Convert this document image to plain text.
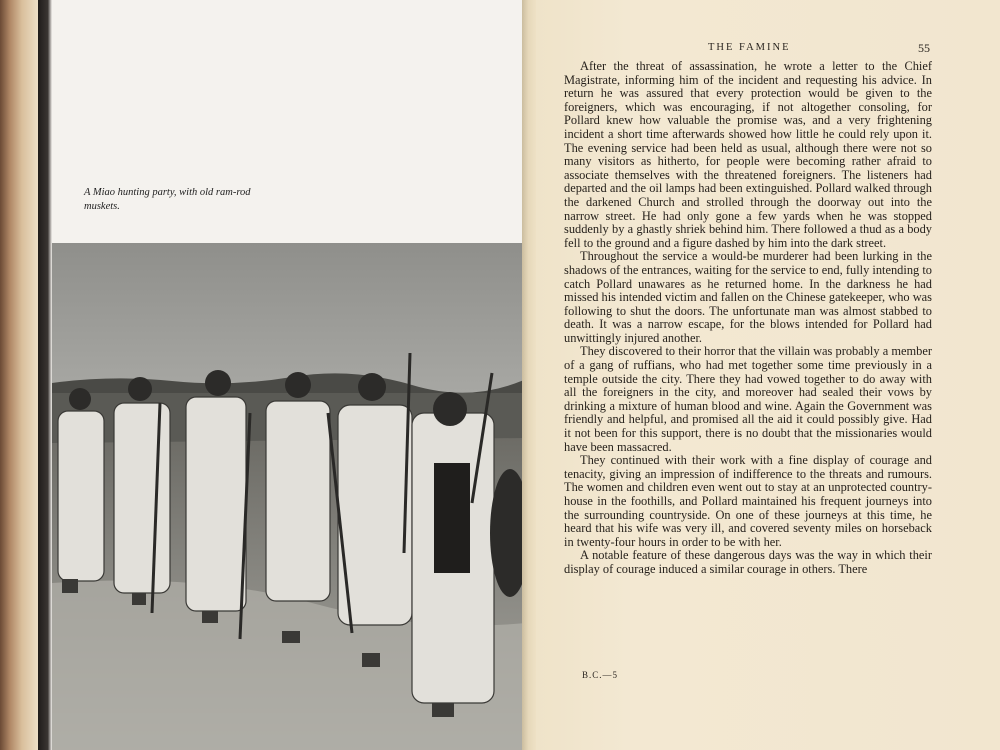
A Miao hunting party, with old ram-rod muskets.
THE FAMINE	55

After the threat of assassination, he wrote a letter to the Chief Magistrate, informing him of the incident and requesting his advice. In return he was assured that every protection would be given to the foreigners, which was encouraging, if not altogether consoling, for Pollard knew how valuable the promise was, and a very frightening incident a short time afterwards showed how little he could rely upon it. The evening service had been held as usual, although there were not so many visitors as hitherto, for people were becoming rather afraid to associate themselves with the threatened foreigners. The listeners had departed and the oil lamps had been extinguished. Pollard walked through the darkened Church and strolled through the doorway out into the narrow street. He had only gone a few yards when he was stopped suddenly by a ghastly shriek behind him. There followed a thud as a body fell to the ground and a figure dashed by him into the dark street.

Throughout the service a would-be murderer had been lurking in the shadows of the entrances, waiting for the service to end, fully intending to catch Pollard unawares as he returned home. In the darkness he had missed his intended victim and fallen on the Chinese gatekeeper, who was following to shut the doors. The unfortunate man was almost stabbed to death. It was a narrow escape, for the blows intended for Pollard had unwittingly injured another.

They discovered to their horror that the villain was probably a member of a gang of ruffians, who had met together some time previously in a temple outside the city. There they had vowed together to do away with all the foreigners in the city, and moreover had sealed their vows by drinking a mixture of human blood and wine. Again the Government was friendly and helpful, and promised all the aid it could possibly give. Had it not been for this support, there is no doubt that the missionaries would have been massacred.

They continued with their work with a fine display of courage and tenacity, giving an impression of indifference to the threats and rumours. The women and children even went out to stay at an unprotected country-house in the foothills, and Pollard maintained his frequent journeys into the surrounding countryside. On one of these journeys at this time, he heard that his wife was very ill, and covered seventy miles on horseback in twenty-four hours in order to be with her.

A notable feature of these dangerous days was the way in which their display of courage induced a similar courage in others. There

B.C.—5
